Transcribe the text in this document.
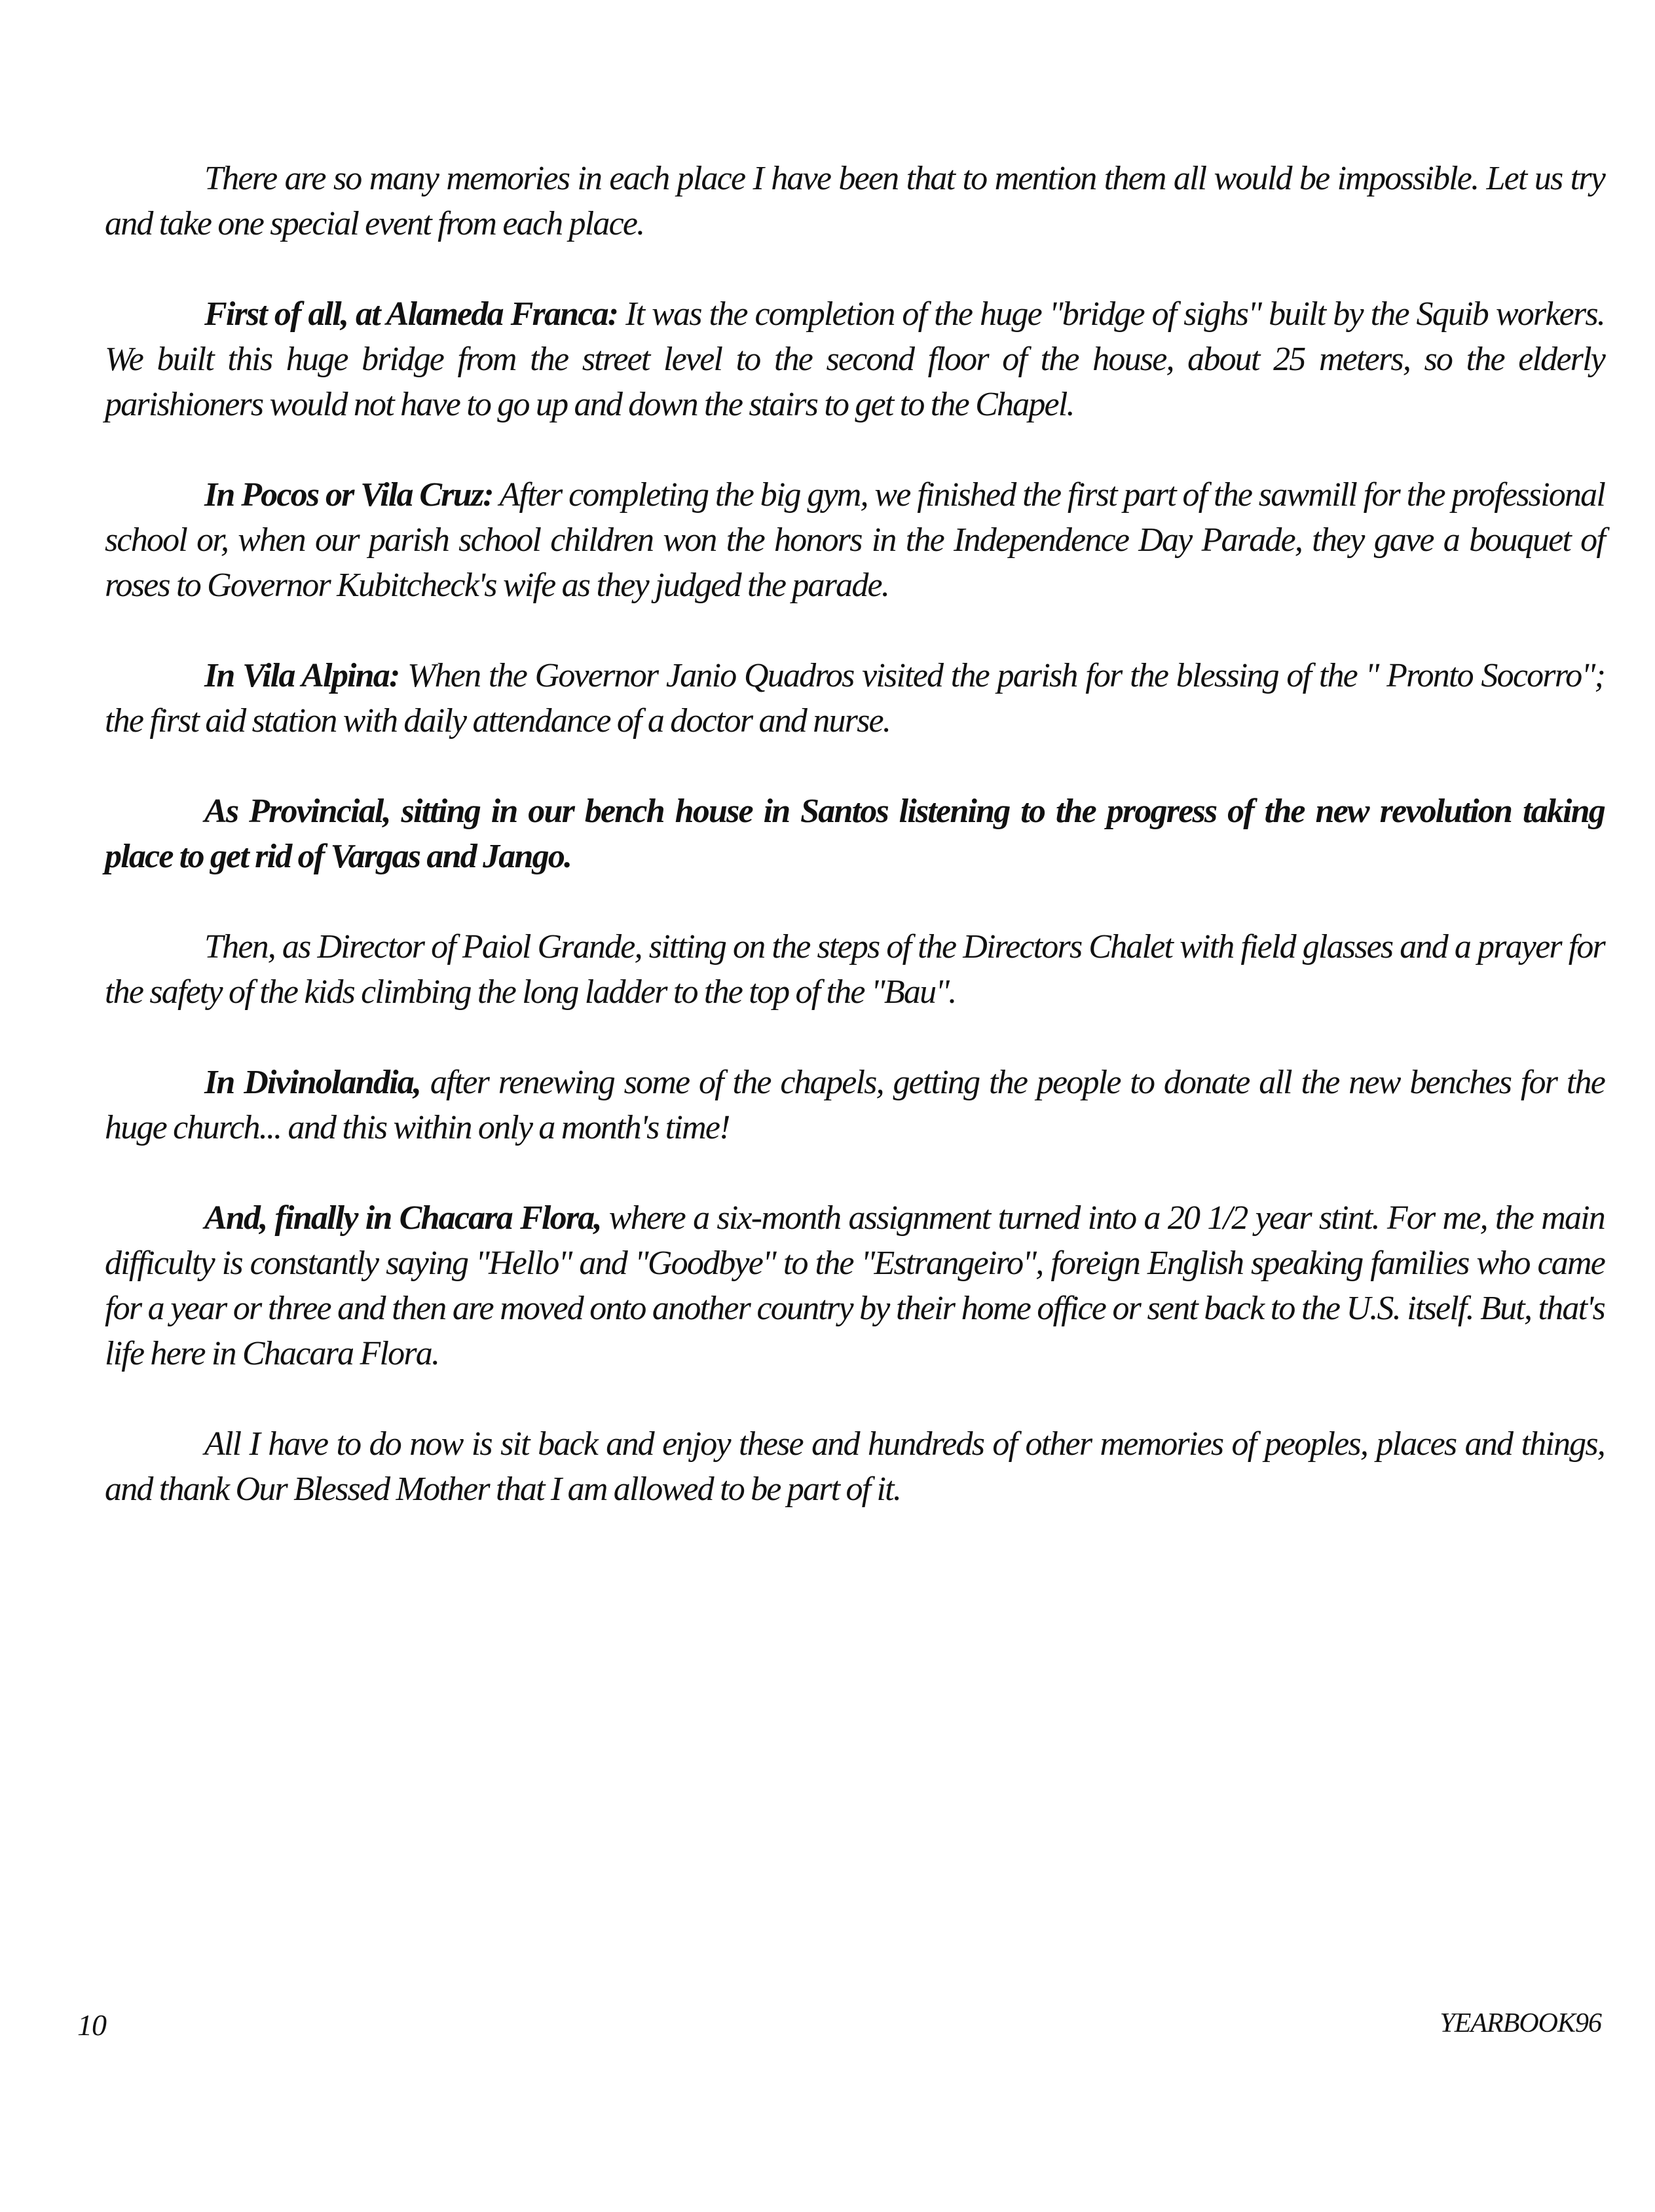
There are so many memories in each place I have been that to mention them all would be impossible. Let us try and take one special event from each place.

First of all, at Alameda Franca: It was the completion of the huge "bridge of sighs" built by the Squib workers. We built this huge bridge from the street level to the second floor of the house, about 25 meters, so the elderly parishioners would not have to go up and down the stairs to get to the Chapel.

In Pocos or Vila Cruz: After completing the big gym, we finished the first part of the sawmill for the professional school or, when our parish school children won the honors in the Independence Day Parade, they gave a bouquet of roses to Governor Kubitcheck's wife as they judged the parade.

In Vila Alpina: When the Governor Janio Quadros visited the parish for the blessing of the " Pronto Socorro"; the first aid station with daily attendance of a doctor and nurse.

As Provincial, sitting in our bench house in Santos listening to the progress of the new revolution taking place to get rid of Vargas and Jango.

Then, as Director of Paiol Grande, sitting on the steps of the Directors Chalet with field glasses and a prayer for the safety of the kids climbing the long ladder to the top of the "Bau".

In Divinolandia, after renewing some of the chapels, getting the people to donate all the new benches for the huge church... and this within only a month's time!

And, finally in Chacara Flora, where a six-month assignment turned into a 20 1/2 year stint. For me, the main difficulty is constantly saying "Hello" and "Goodbye" to the "Estrangeiro", foreign English speaking families who came for a year or three and then are moved onto another country by their home office or sent back to the U.S. itself. But, that's life here in Chacara Flora.

All I have to do now is sit back and enjoy these and hundreds of other memories of peoples, places and things, and thank Our Blessed Mother that I am allowed to be part of it.

10	YEARBOOK96
